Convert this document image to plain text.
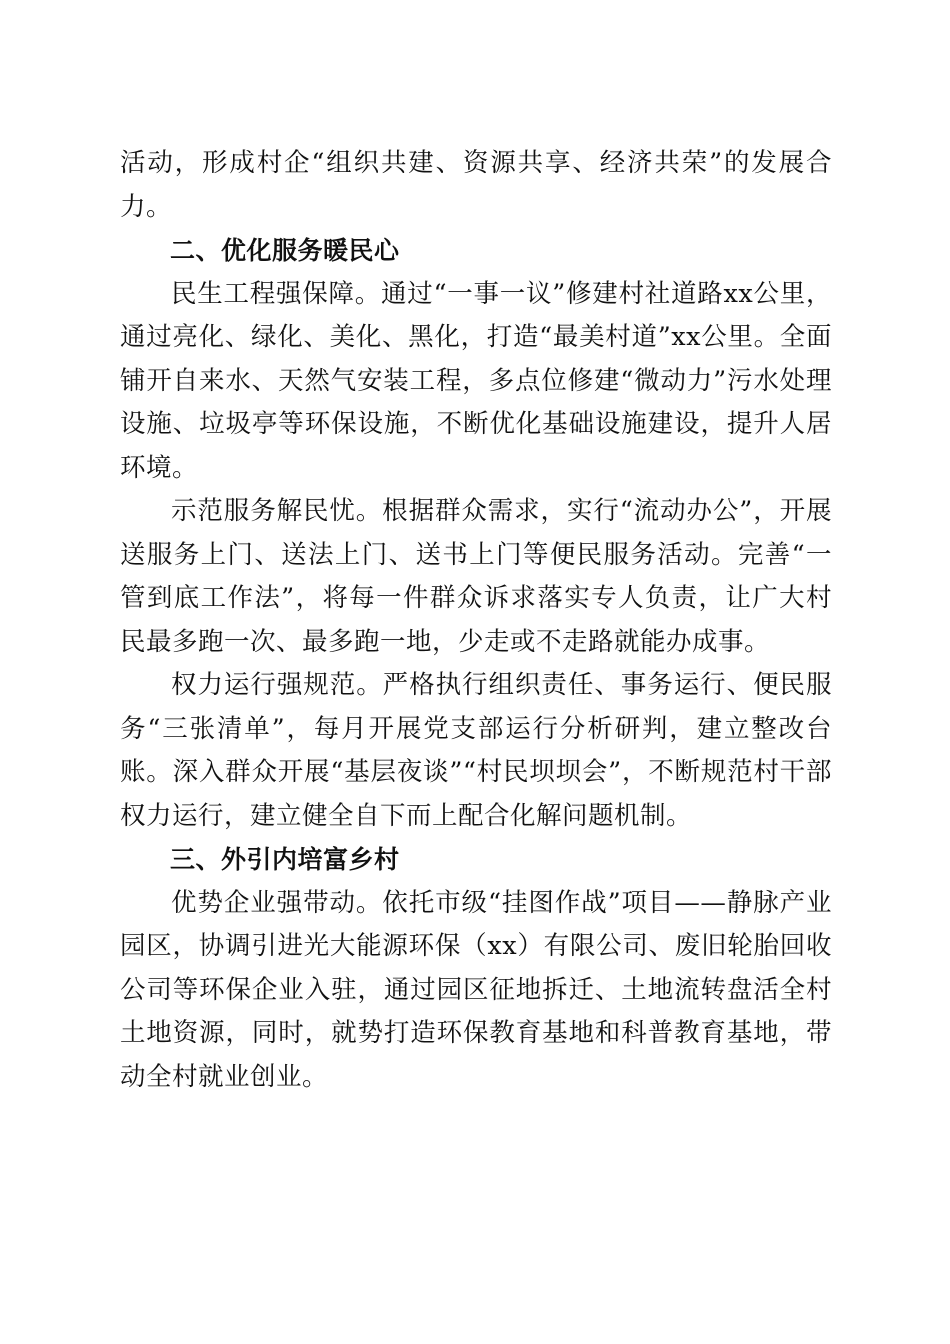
活动，形成村企“组织共建、资源共享、经济共荣”的发展合力。

二、优化服务暖民心

民生工程强保障。通过“一事一议”修建村社道路xx公里，通过亮化、绿化、美化、黑化，打造“最美村道”xx公里。全面铺开自来水、天然气安装工程，多点位修建“微动力”污水处理设施、垃圾亭等环保设施，不断优化基础设施建设，提升人居环境。

示范服务解民忧。根据群众需求，实行“流动办公”，开展送服务上门、送法上门、送书上门等便民服务活动。完善“一管到底工作法”，将每一件群众诉求落实专人负责，让广大村民最多跑一次、最多跑一地，少走或不走路就能办成事。

权力运行强规范。严格执行组织责任、事务运行、便民服务“三张清单”，每月开展党支部运行分析研判，建立整改台账。深入群众开展“基层夜谈”“村民坝坝会”，不断规范村干部权力运行，建立健全自下而上配合化解问题机制。

三、外引内培富乡村

优势企业强带动。依托市级“挂图作战”项目——静脉产业园区，协调引进光大能源环保（xx）有限公司、废旧轮胎回收公司等环保企业入驻，通过园区征地拆迁、土地流转盘活全村土地资源，同时，就势打造环保教育基地和科普教育基地，带动全村就业创业。
